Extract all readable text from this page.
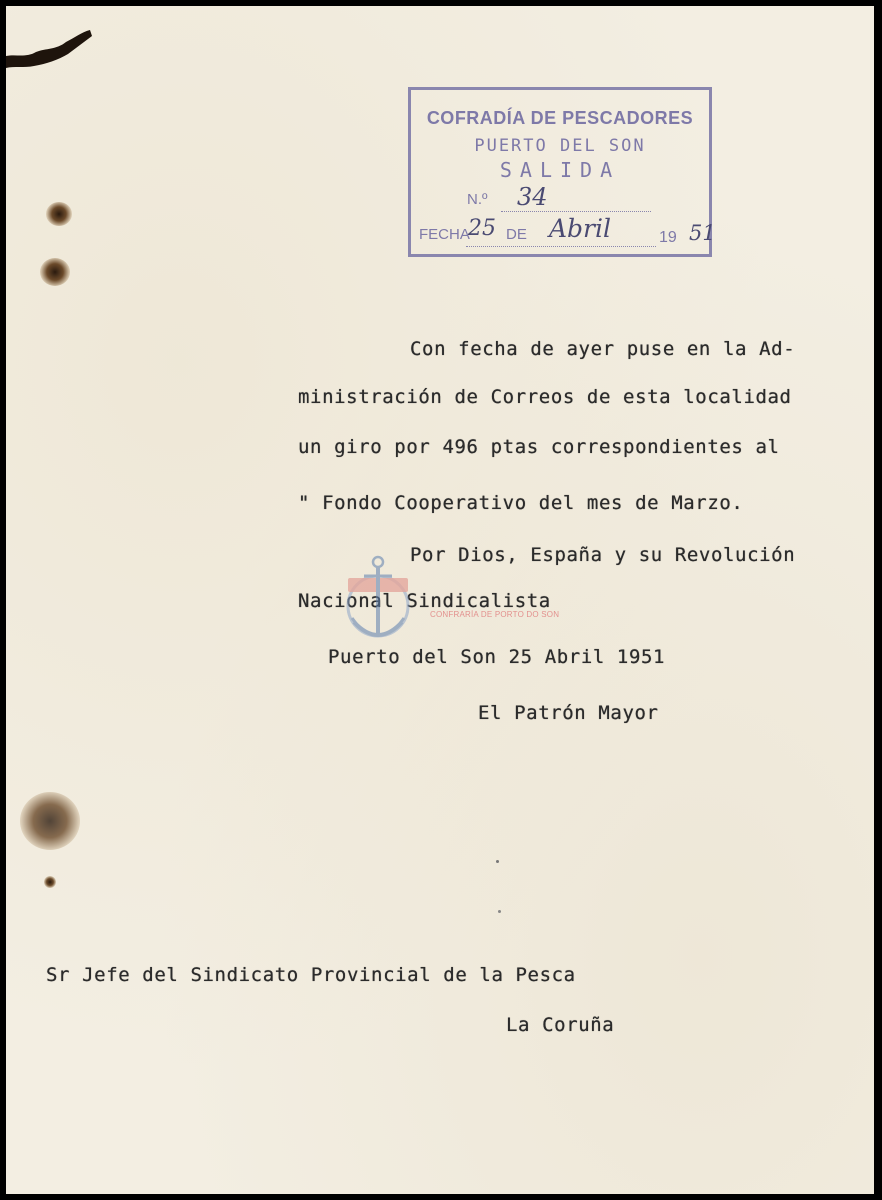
COFRADÍA DE PESCADORES
PUERTO DEL SON
SALIDA
N.º 34
FECHA
25 DE Abril	19 51
Con fecha de ayer puse en la Ad-
ministración de Correos de esta localidad
un giro por 496 ptas correspondientes al
" Fondo Cooperativo del mes de Marzo.
Por Dios, España y su Revolución
Nacional Sindicalista
CONFRARÍA DE PORTO DO SON
Puerto del Son 25 Abril 1951
El Patrón Mayor
Sr Jefe del Sindicato Provincial de la Pesca
La Coruña
